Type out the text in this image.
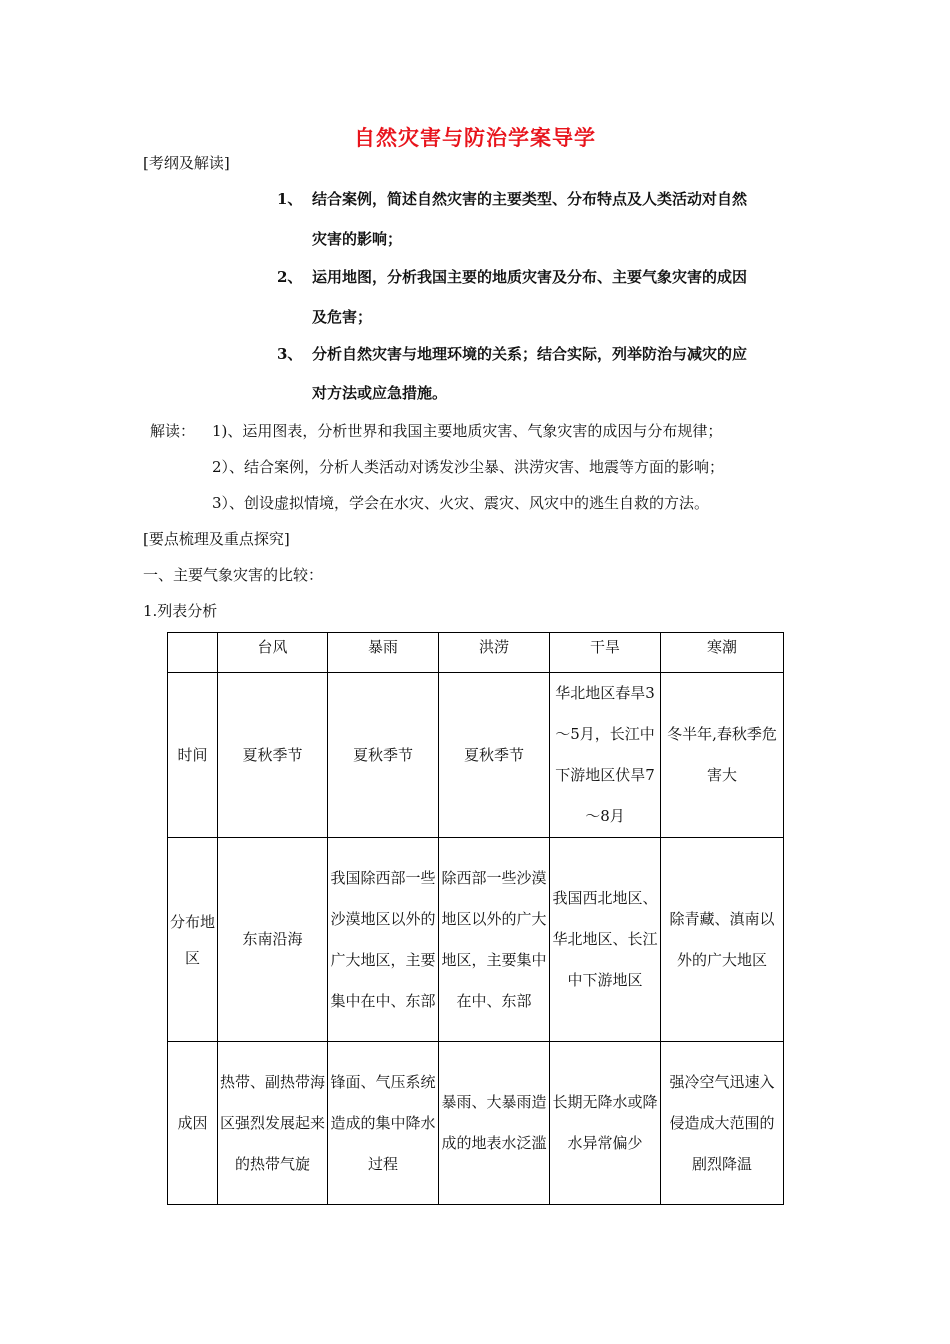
自然灾害与防治学案导学
[考纲及解读]
1、 结合案例，简述自然灾害的主要类型、分布特点及人类活动对自然
灾害的影响；
2、 运用地图，分析我国主要的地质灾害及分布、主要气象灾害的成因
及危害；
3、 分析自然灾害与地理环境的关系；结合实际，列举防治与减灾的应
对方法或应急措施。
解读： 1)、运用图表，分析世界和我国主要地质灾害、气象灾害的成因与分布规律；
2）、结合案例，分析人类活动对诱发沙尘暴、洪涝灾害、地震等方面的影响；
3）、创设虚拟情境，学会在水灾、火灾、震灾、风灾中的逃生自救的方法。
[要点梳理及重点探究]
一、主要气象灾害的比较：
1.列表分析
	台风	暴雨	洪涝	干旱	寒潮
时间	夏秋季节	夏秋季节	夏秋季节	华北地区春旱3～5月，长江中下游地区伏旱7～8月	冬半年,春秋季危害大
分布地区	东南沿海	我国除西部一些沙漠地区以外的广大地区，主要集中在中、东部	除西部一些沙漠地区以外的广大地区，主要集中在中、东部	我国西北地区、华北地区、长江中下游地区	除青藏、滇南以外的广大地区
成因	热带、副热带海区强烈发展起来的热带气旋	锋面、气压系统造成的集中降水过程	暴雨、大暴雨造成的地表水泛滥	长期无降水或降水异常偏少	强冷空气迅速入侵造成大范围的剧烈降温
